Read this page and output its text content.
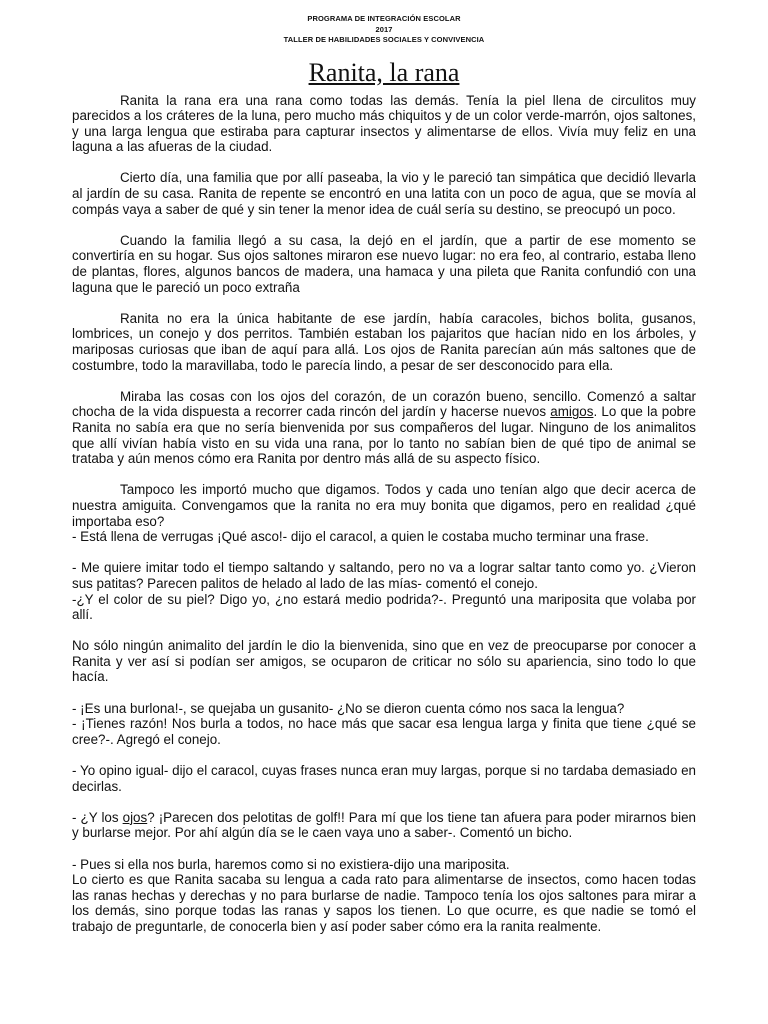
PROGRAMA DE INTEGRACIÓN ESCOLAR
2017
TALLER DE HABILIDADES SOCIALES Y CONVIVENCIA
Ranita, la rana

Ranita la rana era una rana como todas las demás. Tenía la piel llena de circulitos muy parecidos a los cráteres de la luna, pero mucho más chiquitos y de un color verde-marrón, ojos saltones, y una larga lengua que estiraba para capturar insectos y alimentarse de ellos. Vivía muy feliz en una laguna a las afueras de la ciudad.

Cierto día, una familia que por allí paseaba, la vio y le pareció tan simpática que decidió llevarla al jardín de su casa. Ranita de repente se encontró en una latita con un poco de agua, que se movía al compás vaya a saber de qué y sin tener la menor idea de cuál sería su destino, se preocupó un poco.

Cuando la familia llegó a su casa, la dejó en el jardín, que a partir de ese momento se convertiría en su hogar. Sus ojos saltones miraron ese nuevo lugar: no era feo, al contrario, estaba lleno de plantas, flores, algunos bancos de madera, una hamaca y una pileta que Ranita confundió con una laguna que le pareció un poco extraña

Ranita no era la única habitante de ese jardín, había caracoles, bichos bolita, gusanos, lombrices, un conejo y dos perritos. También estaban los pajaritos que hacían nido en los árboles, y mariposas curiosas que iban de aquí para allá. Los ojos de Ranita parecían aún más saltones que de costumbre, todo la maravillaba, todo le parecía lindo, a pesar de ser desconocido para ella.

Miraba las cosas con los ojos del corazón, de un corazón bueno, sencillo. Comenzó a saltar chocha de la vida dispuesta a recorrer cada rincón del jardín y hacerse nuevos amigos. Lo que la pobre Ranita no sabía era que no sería bienvenida por sus compañeros del lugar. Ninguno de los animalitos que allí vivían había visto en su vida una rana, por lo tanto no sabían bien de qué tipo de animal se trataba y aún menos cómo era Ranita por dentro más allá de su aspecto físico.

Tampoco les importó mucho que digamos. Todos y cada uno tenían algo que decir acerca de nuestra amiguita. Convengamos que la ranita no era muy bonita que digamos, pero en realidad ¿qué importaba eso?

- Está llena de verrugas ¡Qué asco!- dijo el caracol, a quien le costaba mucho terminar una frase.

- Me quiere imitar todo el tiempo saltando y saltando, pero no va a lograr saltar tanto como yo. ¿Vieron sus patitas? Parecen palitos de helado al lado de las mías- comentó el conejo.

-¿Y el color de su piel? Digo yo, ¿no estará medio podrida?-. Preguntó una mariposita que volaba por allí.

No sólo ningún animalito del jardín le dio la bienvenida, sino que en vez de preocuparse por conocer a Ranita y ver así si podían ser amigos, se ocuparon de criticar no sólo su apariencia, sino todo lo que hacía.

- ¡Es una burlona!-, se quejaba un gusanito- ¿No se dieron cuenta cómo nos saca la lengua?

- ¡Tienes razón! Nos burla a todos, no hace más que sacar esa lengua larga y finita que tiene ¿qué se cree?-. Agregó el conejo.

- Yo opino igual- dijo el caracol, cuyas frases nunca eran muy largas, porque si no tardaba demasiado en decirlas.

- ¿Y los ojos? ¡Parecen dos pelotitas de golf!! Para mí que los tiene tan afuera para poder mirarnos bien y burlarse mejor. Por ahí algún día se le caen vaya uno a saber-. Comentó un bicho.

- Pues si ella nos burla, haremos como si no existiera-dijo una mariposita.

Lo cierto es que Ranita sacaba su lengua a cada rato para alimentarse de insectos, como hacen todas las ranas hechas y derechas y no para burlarse de nadie. Tampoco tenía los ojos saltones para mirar a los demás, sino porque todas las ranas y sapos los tienen. Lo que ocurre, es que nadie se tomó el trabajo de preguntarle, de conocerla bien y así poder saber cómo era la ranita realmente.
